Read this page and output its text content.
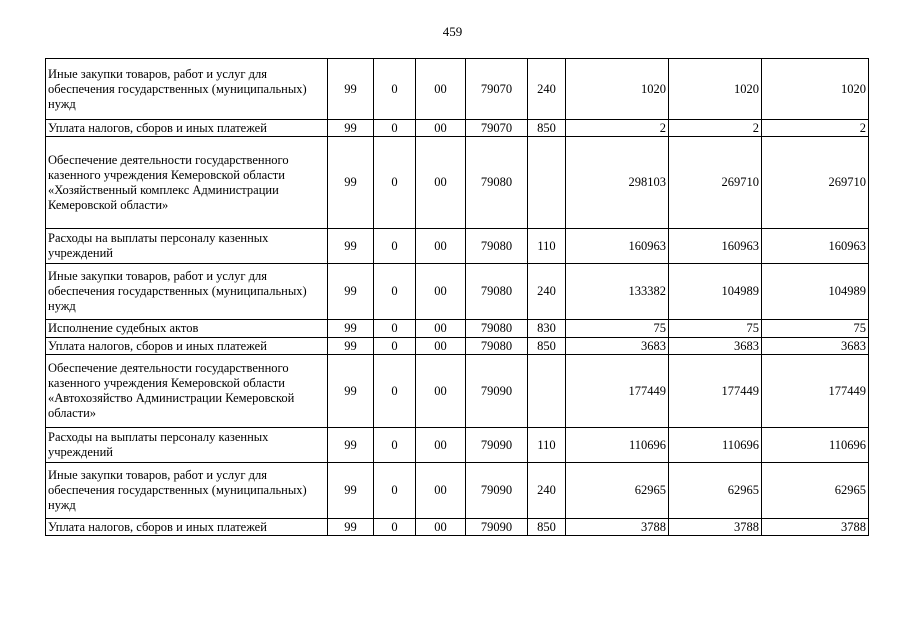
459
Иные закупки товаров, работ и услуг для обеспечения государственных (муниципальных) нужд	99	0	00	79070	240	1020	1020	1020
Уплата налогов, сборов и иных платежей	99	0	00	79070	850	2	2	2
Обеспечение деятельности государственного казенного учреждения Кемеровской области «Хозяйственный комплекс Администрации Кемеровской области»	99	0	00	79080		298103	269710	269710
Расходы на выплаты персоналу казенных учреждений	99	0	00	79080	110	160963	160963	160963
Иные закупки товаров, работ и услуг для обеспечения государственных (муниципальных) нужд	99	0	00	79080	240	133382	104989	104989
Исполнение судебных актов	99	0	00	79080	830	75	75	75
Уплата налогов, сборов и иных платежей	99	0	00	79080	850	3683	3683	3683
Обеспечение деятельности государственного казенного учреждения Кемеровской области «Автохозяйство Администрации Кемеровской области»	99	0	00	79090		177449	177449	177449
Расходы на выплаты персоналу казенных учреждений	99	0	00	79090	110	110696	110696	110696
Иные закупки товаров, работ и услуг для обеспечения государственных (муниципальных) нужд	99	0	00	79090	240	62965	62965	62965
Уплата налогов, сборов и иных платежей	99	0	00	79090	850	3788	3788	3788
